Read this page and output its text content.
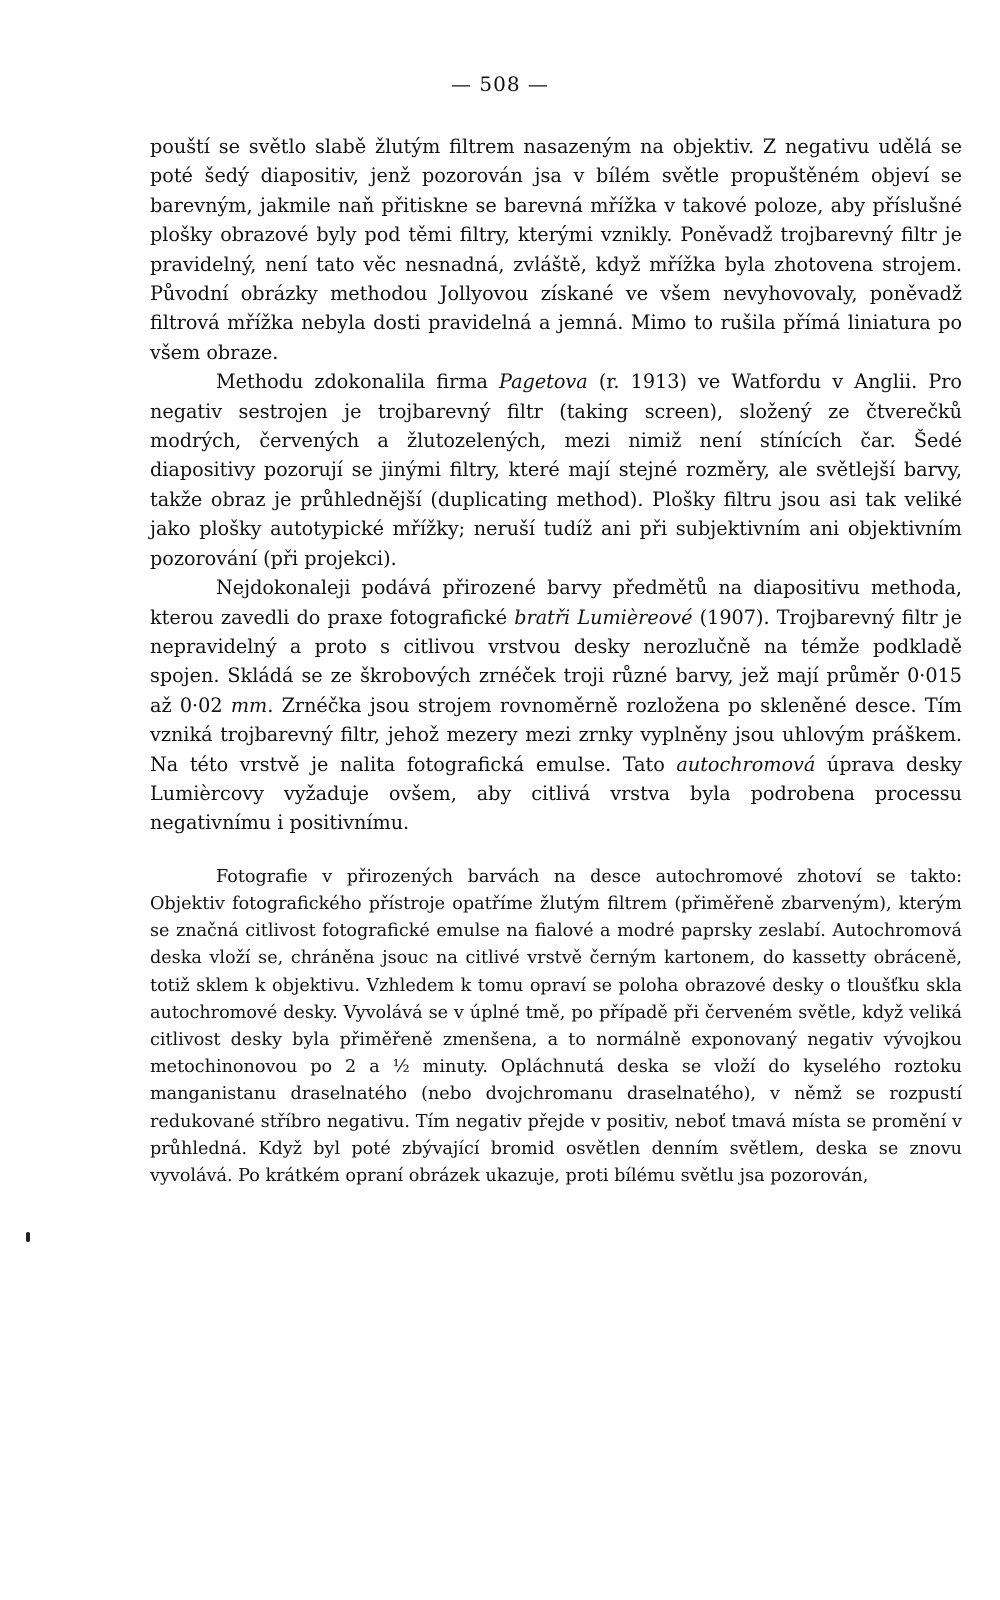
— 508 —

pouští se světlo slabě žlutým filtrem nasazeným na objektiv. Z negativu udělá se poté šedý diapositiv, jenž pozorován jsa v bílém světle propuštěném objeví se barevným, jakmile naň přitiskne se barevná mřížka v takové poloze, aby příslušné plošky obrazové byly pod těmi filtry, kterými vznikly. Poněvadž trojbarevný filtr je pravidelný, není tato věc nesnadná, zvláště, když mřížka byla zhotovena strojem. Původní obrázky methodou Jollyovou získané ve všem nevyhovovaly, poněvadž filtrová mřížka nebyla dosti pravidelná a jemná. Mimo to rušila přímá liniatura po všem obraze.

Methodu zdokonalila firma Pagetova (r. 1913) ve Watfordu v Anglii. Pro negativ sestrojen je trojbarevný filtr (taking screen), složený ze čtverečků modrých, červených a žlutozelených, mezi nimiž není stínících čar. Šedé diapositivy pozorují se jinými filtry, které mají stejné rozměry, ale světlejší barvy, takže obraz je průhlednější (duplicating method). Plošky filtru jsou asi tak veliké jako plošky autotypické mřížky; neruší tudíž ani při subjektivním ani objektivním pozorování (při projekci).

Nejdokonaleji podává přirozené barvy předmětů na diapositivu methoda, kterou zavedli do praxe fotografické bratři Lumièreové (1907). Trojbarevný filtr je nepravidelný a proto s citlivou vrstvou desky nerozlučně na témže podkladě spojen. Skládá se ze škrobových zrnéček troji různé barvy, jež mají průměr 0·015 až 0·02 mm. Zrnéčka jsou strojem rovnoměrně rozložena po skleněné desce. Tím vzniká trojbarevný filtr, jehož mezery mezi zrnky vyplněny jsou uhlovým práškem. Na této vrstvě je nalita fotografická emulse. Tato autochromová úprava desky Lumièrcovy vyžaduje ovšem, aby citlivá vrstva byla podrobena processu negativnímu i positivnímu.

Fotografie v přirozených barvách na desce autochromové zhotoví se takto: Objektiv fotografického přístroje opatříme žlutým filtrem (přiměřeně zbarveným), kterým se značná citlivost fotografické emulse na fialové a modré paprsky zeslabí. Autochromová deska vloží se, chráněna jsouc na citlivé vrstvě černým kartonem, do kassetty obráceně, totiž sklem k objektivu. Vzhledem k tomu opraví se poloha obrazové desky o tloušťku skla autochromové desky. Vyvolává se v úplné tmě, po případě při červeném světle, když veliká citlivost desky byla přiměřeně zmenšena, a to normálně exponovaný negativ vývojkou metochinonovou po 2 a ½ minuty. Opláchnutá deska se vloží do kyselého roztoku manganistanu draselnatého (nebo dvojchromanu draselnatého), v němž se rozpustí redukované stříbro negativu. Tím negativ přejde v positiv, neboť tmavá místa se promění v průhledná. Když byl poté zbývající bromid osvětlen denním světlem, deska se znovu vyvolává. Po krátkém opraní obrázek ukazuje, proti bílému světlu jsa pozorován,
